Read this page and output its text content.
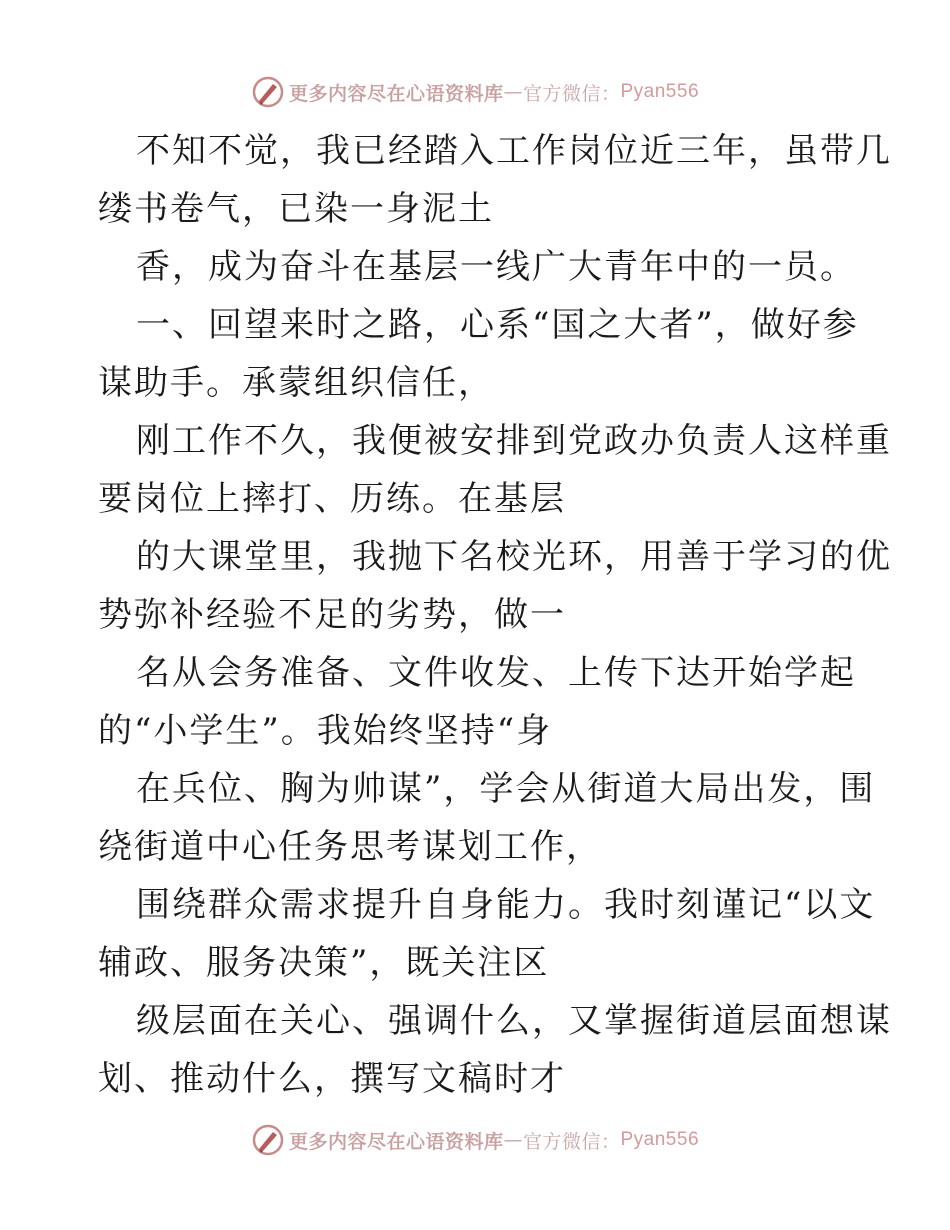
更多内容尽在心语资料库 — 官方微信： Pyan556
不知不觉，我已经踏入工作岗位近三年，虽带几
缕书卷气，已染一身泥土
香，成为奋斗在基层一线广大青年中的一员。
一、回望来时之路，心系“国之大者”，做好参
谋助手。承蒙组织信任，
刚工作不久，我便被安排到党政办负责人这样重
要岗位上摔打、历练。在基层
的大课堂里，我抛下名校光环，用善于学习的优
势弥补经验不足的劣势，做一
名从会务准备、文件收发、上传下达开始学起
的“小学生”。我始终坚持“身
在兵位、胸为帅谋”，学会从街道大局出发，围
绕街道中心任务思考谋划工作，
围绕群众需求提升自身能力。我时刻谨记“以文
辅政、服务决策”，既关注区
级层面在关心、强调什么，又掌握街道层面想谋
划、推动什么，撰写文稿时才
更多内容尽在心语资料库 — 官方微信： Pyan556
